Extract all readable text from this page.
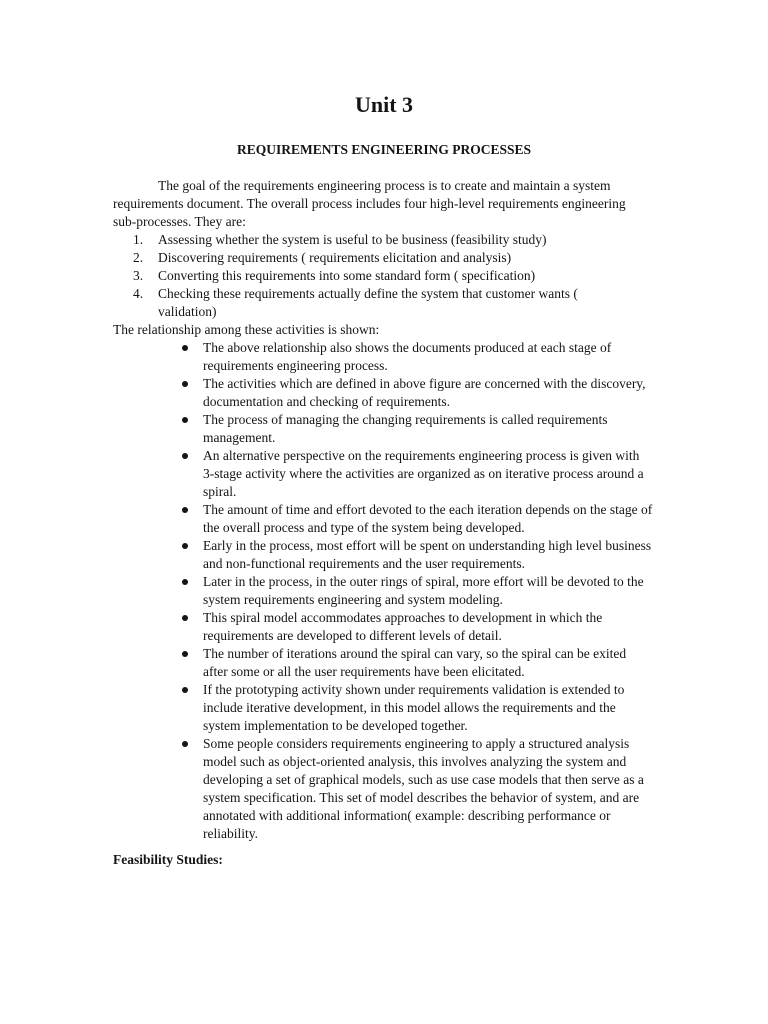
Unit 3
REQUIREMENTS ENGINEERING PROCESSES

The goal of the requirements engineering process is to create and maintain a system requirements document. The overall process includes four high-level requirements engineering sub-processes. They are:

1. Assessing whether the system is useful to be business (feasibility study)
2. Discovering requirements ( requirements elicitation and analysis)
3. Converting this requirements into some standard form ( specification)
4. Checking these requirements actually define the system that customer wants ( validation)

The relationship among these activities is shown:

The above relationship also shows the documents produced at each stage of requirements engineering process.
The activities which are defined in above figure are concerned with the discovery, documentation and checking of requirements.
The process of managing the changing requirements is called requirements management.
An alternative perspective on the requirements engineering process is given with 3-stage activity where the activities are organized as on iterative process around a spiral.
The amount of time and effort devoted to the each iteration depends on the stage of the overall process and type of the system being developed.
Early in the process, most effort will be spent on understanding high level business and non-functional requirements and the user requirements.
Later in the process, in the outer rings of spiral, more effort will be devoted to the system requirements engineering and system modeling.
This spiral model accommodates approaches to development in which the requirements are developed to different levels of detail.
The number of iterations around the spiral can vary, so the spiral can be exited after some or all the user requirements have been elicitated.
If the prototyping activity shown under requirements validation is extended to include iterative development, in this model allows the requirements and the system implementation to be developed together.
Some people considers requirements engineering to apply a structured analysis model such as object-oriented analysis, this involves analyzing the system and developing a set of graphical models, such as use case models that then serve as a system specification. This set of model describes the behavior of system, and are annotated with additional information( example: describing performance or reliability.
Feasibility Studies:
